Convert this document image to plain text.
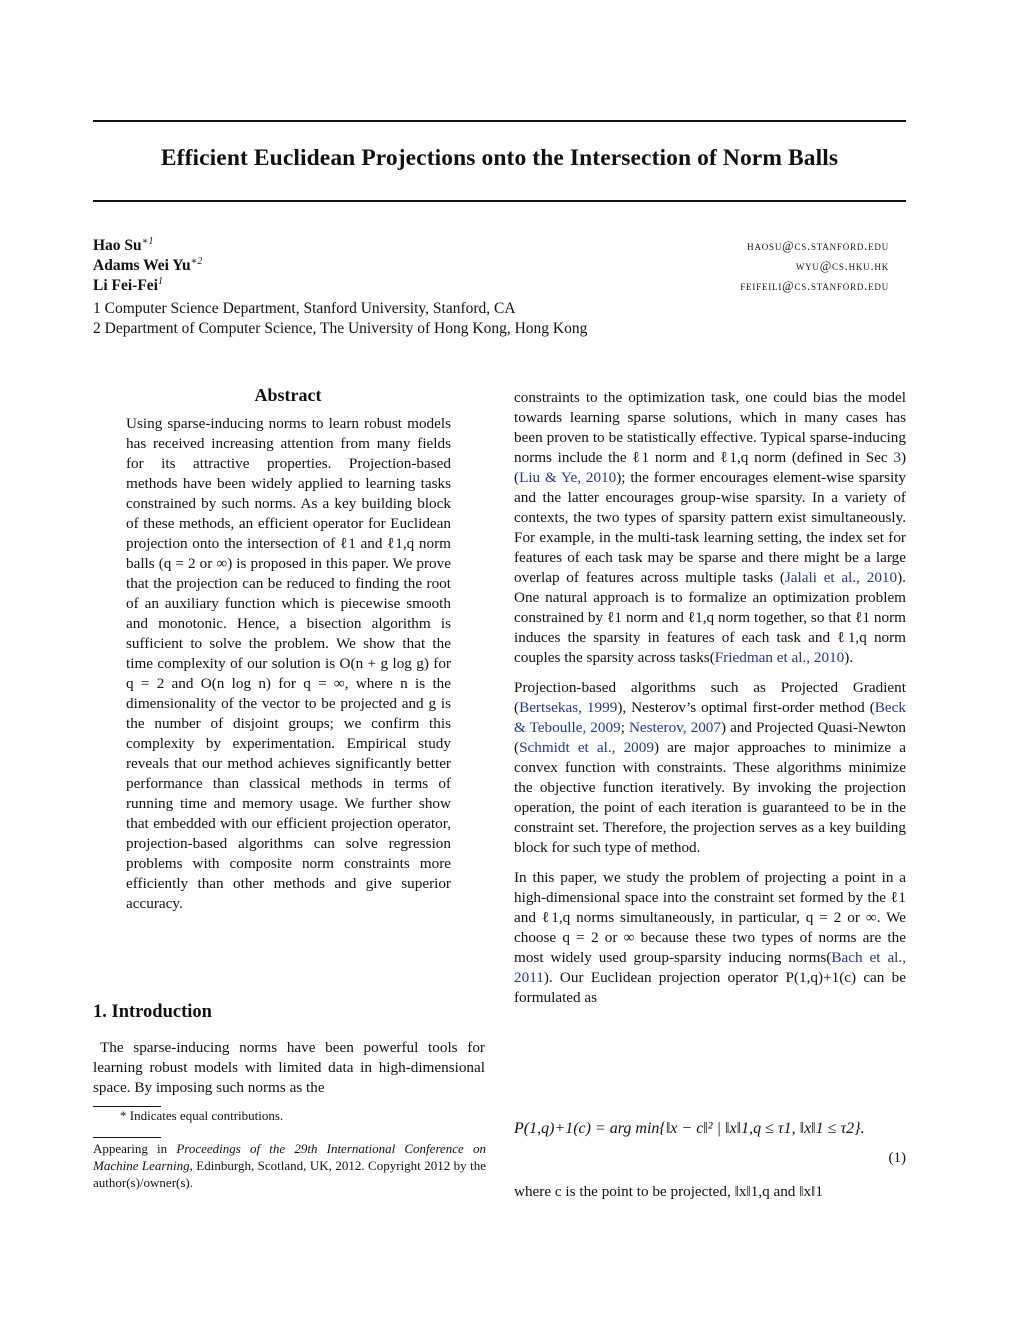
Efficient Euclidean Projections onto the Intersection of Norm Balls
Hao $Su^{∗1}$	haosu@cs.stanford.edu
Adams Wei $Yu^{∗2}$	wyu@cs.hku.hk
Li Fei-Fei$^1$	feifeili@cs.stanford.edu
1 Computer Science Department, Stanford University, Stanford, CA
2 Department of Computer Science, The University of Hong Kong, Hong Kong
Abstract

Using sparse-inducing norms to learn robust models has received increasing attention from many fields for its attractive properties. Projection-based methods have been widely applied to learning tasks constrained by such norms. As a key building block of these methods, an efficient operator for Euclidean projection onto the intersection of ℓ1 and ℓ1,q norm balls (q = 2 or ∞) is proposed in this paper. We prove that the projection can be reduced to finding the root of an auxiliary function which is piecewise smooth and monotonic. Hence, a bisection algorithm is sufficient to solve the problem. We show that the time complexity of our solution is O(n + g log g) for q = 2 and O(n log n) for q = ∞, where n is the dimensionality of the vector to be projected and g is the number of disjoint groups; we confirm this complexity by experimentation. Empirical study reveals that our method achieves significantly better performance than classical methods in terms of running time and memory usage. We further show that embedded with our efficient projection operator, projection-based algorithms can solve regression problems with composite norm constraints more efficiently than other methods and give superior accuracy.

1. Introduction

The sparse-inducing norms have been powerful tools for learning robust models with limited data in high-dimensional space. By imposing such norms as the

* Indicates equal contributions.
Appearing in Proceedings of the 29th International Conference on Machine Learning, Edinburgh, Scotland, UK, 2012. Copyright 2012 by the author(s)/owner(s).

constraints to the optimization task, one could bias the model towards learning sparse solutions, which in many cases has been proven to be statistically effective. Typical sparse-inducing norms include the ℓ1 norm and ℓ1,q norm (defined in Sec 3) (Liu & Ye, 2010); the former encourages element-wise sparsity and the latter encourages group-wise sparsity. In a variety of contexts, the two types of sparsity pattern exist simultaneously. For example, in the multi-task learning setting, the index set for features of each task may be sparse and there might be a large overlap of features across multiple tasks (Jalali et al., 2010). One natural approach is to formalize an optimization problem constrained by ℓ1 norm and ℓ1,q norm together, so that ℓ1 norm induces the sparsity in features of each task and ℓ1,q norm couples the sparsity across tasks(Friedman et al., 2010).

Projection-based algorithms such as Projected Gradient (Bertsekas, 1999), Nesterov’s optimal first-order method (Beck & Teboulle, 2009; Nesterov, 2007) and Projected Quasi-Newton (Schmidt et al., 2009) are major approaches to minimize a convex function with constraints. These algorithms minimize the objective function iteratively. By invoking the projection operation, the point of each iteration is guaranteed to be in the constraint set. Therefore, the projection serves as a key building block for such type of method.

In this paper, we study the problem of projecting a point in a high-dimensional space into the constraint set formed by the ℓ1 and ℓ1,q norms simultaneously, in particular, q = 2 or ∞. We choose q = 2 or ∞ because these two types of norms are the most widely used group-sparsity inducing norms(Bach et al., 2011). Our Euclidean projection operator P(1,q)+1(c) can be formulated as

P(1,q)+1(c) = arg min{‖x − c‖² | ‖x‖1,q ≤ τ1, ‖x‖1 ≤ τ2}.
(1)
where c is the point to be projected, ‖x‖1,q and ‖x‖1
